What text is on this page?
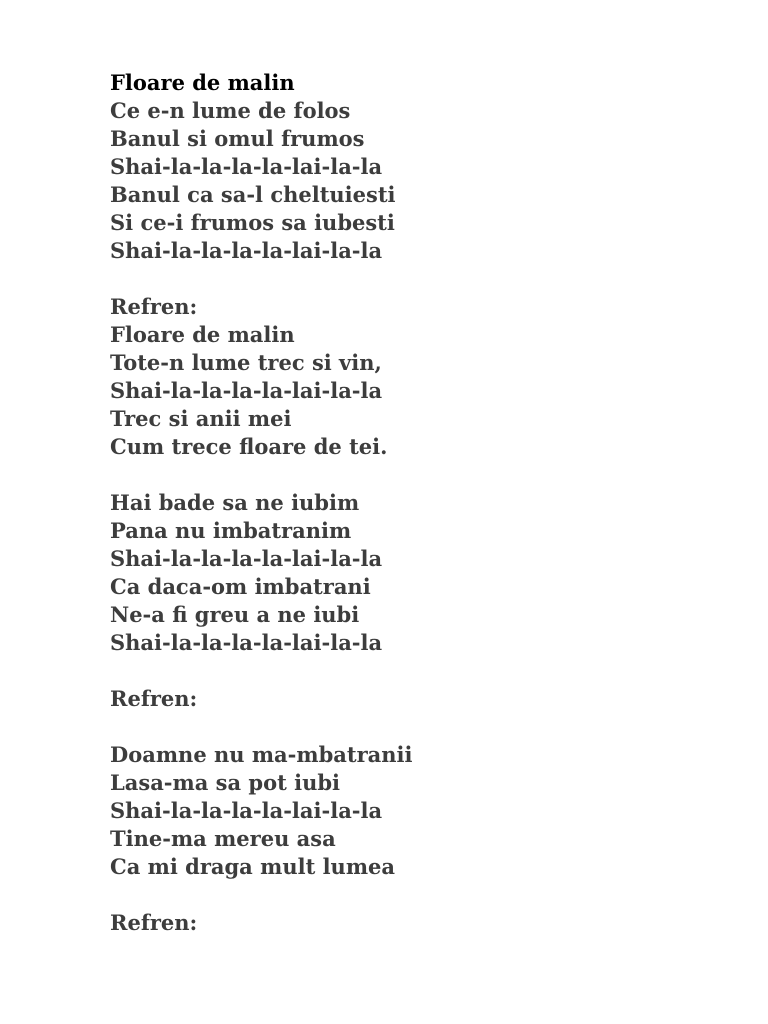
Floare de malin
Ce e-n lume de folos
Banul si omul frumos
Shai-la-la-la-la-lai-la-la
Banul ca sa-l cheltuiesti
Si ce-i frumos sa iubesti
Shai-la-la-la-la-lai-la-la
Refren:
Floare de malin
Tote-n lume trec si vin,
Shai-la-la-la-la-lai-la-la
Trec si anii mei
Cum trece floare de tei.
Hai bade sa ne iubim
Pana nu imbatranim
Shai-la-la-la-la-lai-la-la
Ca daca-om imbatrani
Ne-a fi greu a ne iubi
Shai-la-la-la-la-lai-la-la
Refren:
Doamne nu ma-mbatranii
Lasa-ma sa pot iubi
Shai-la-la-la-la-lai-la-la
Tine-ma mereu asa
Ca mi draga mult lumea
Refren:
